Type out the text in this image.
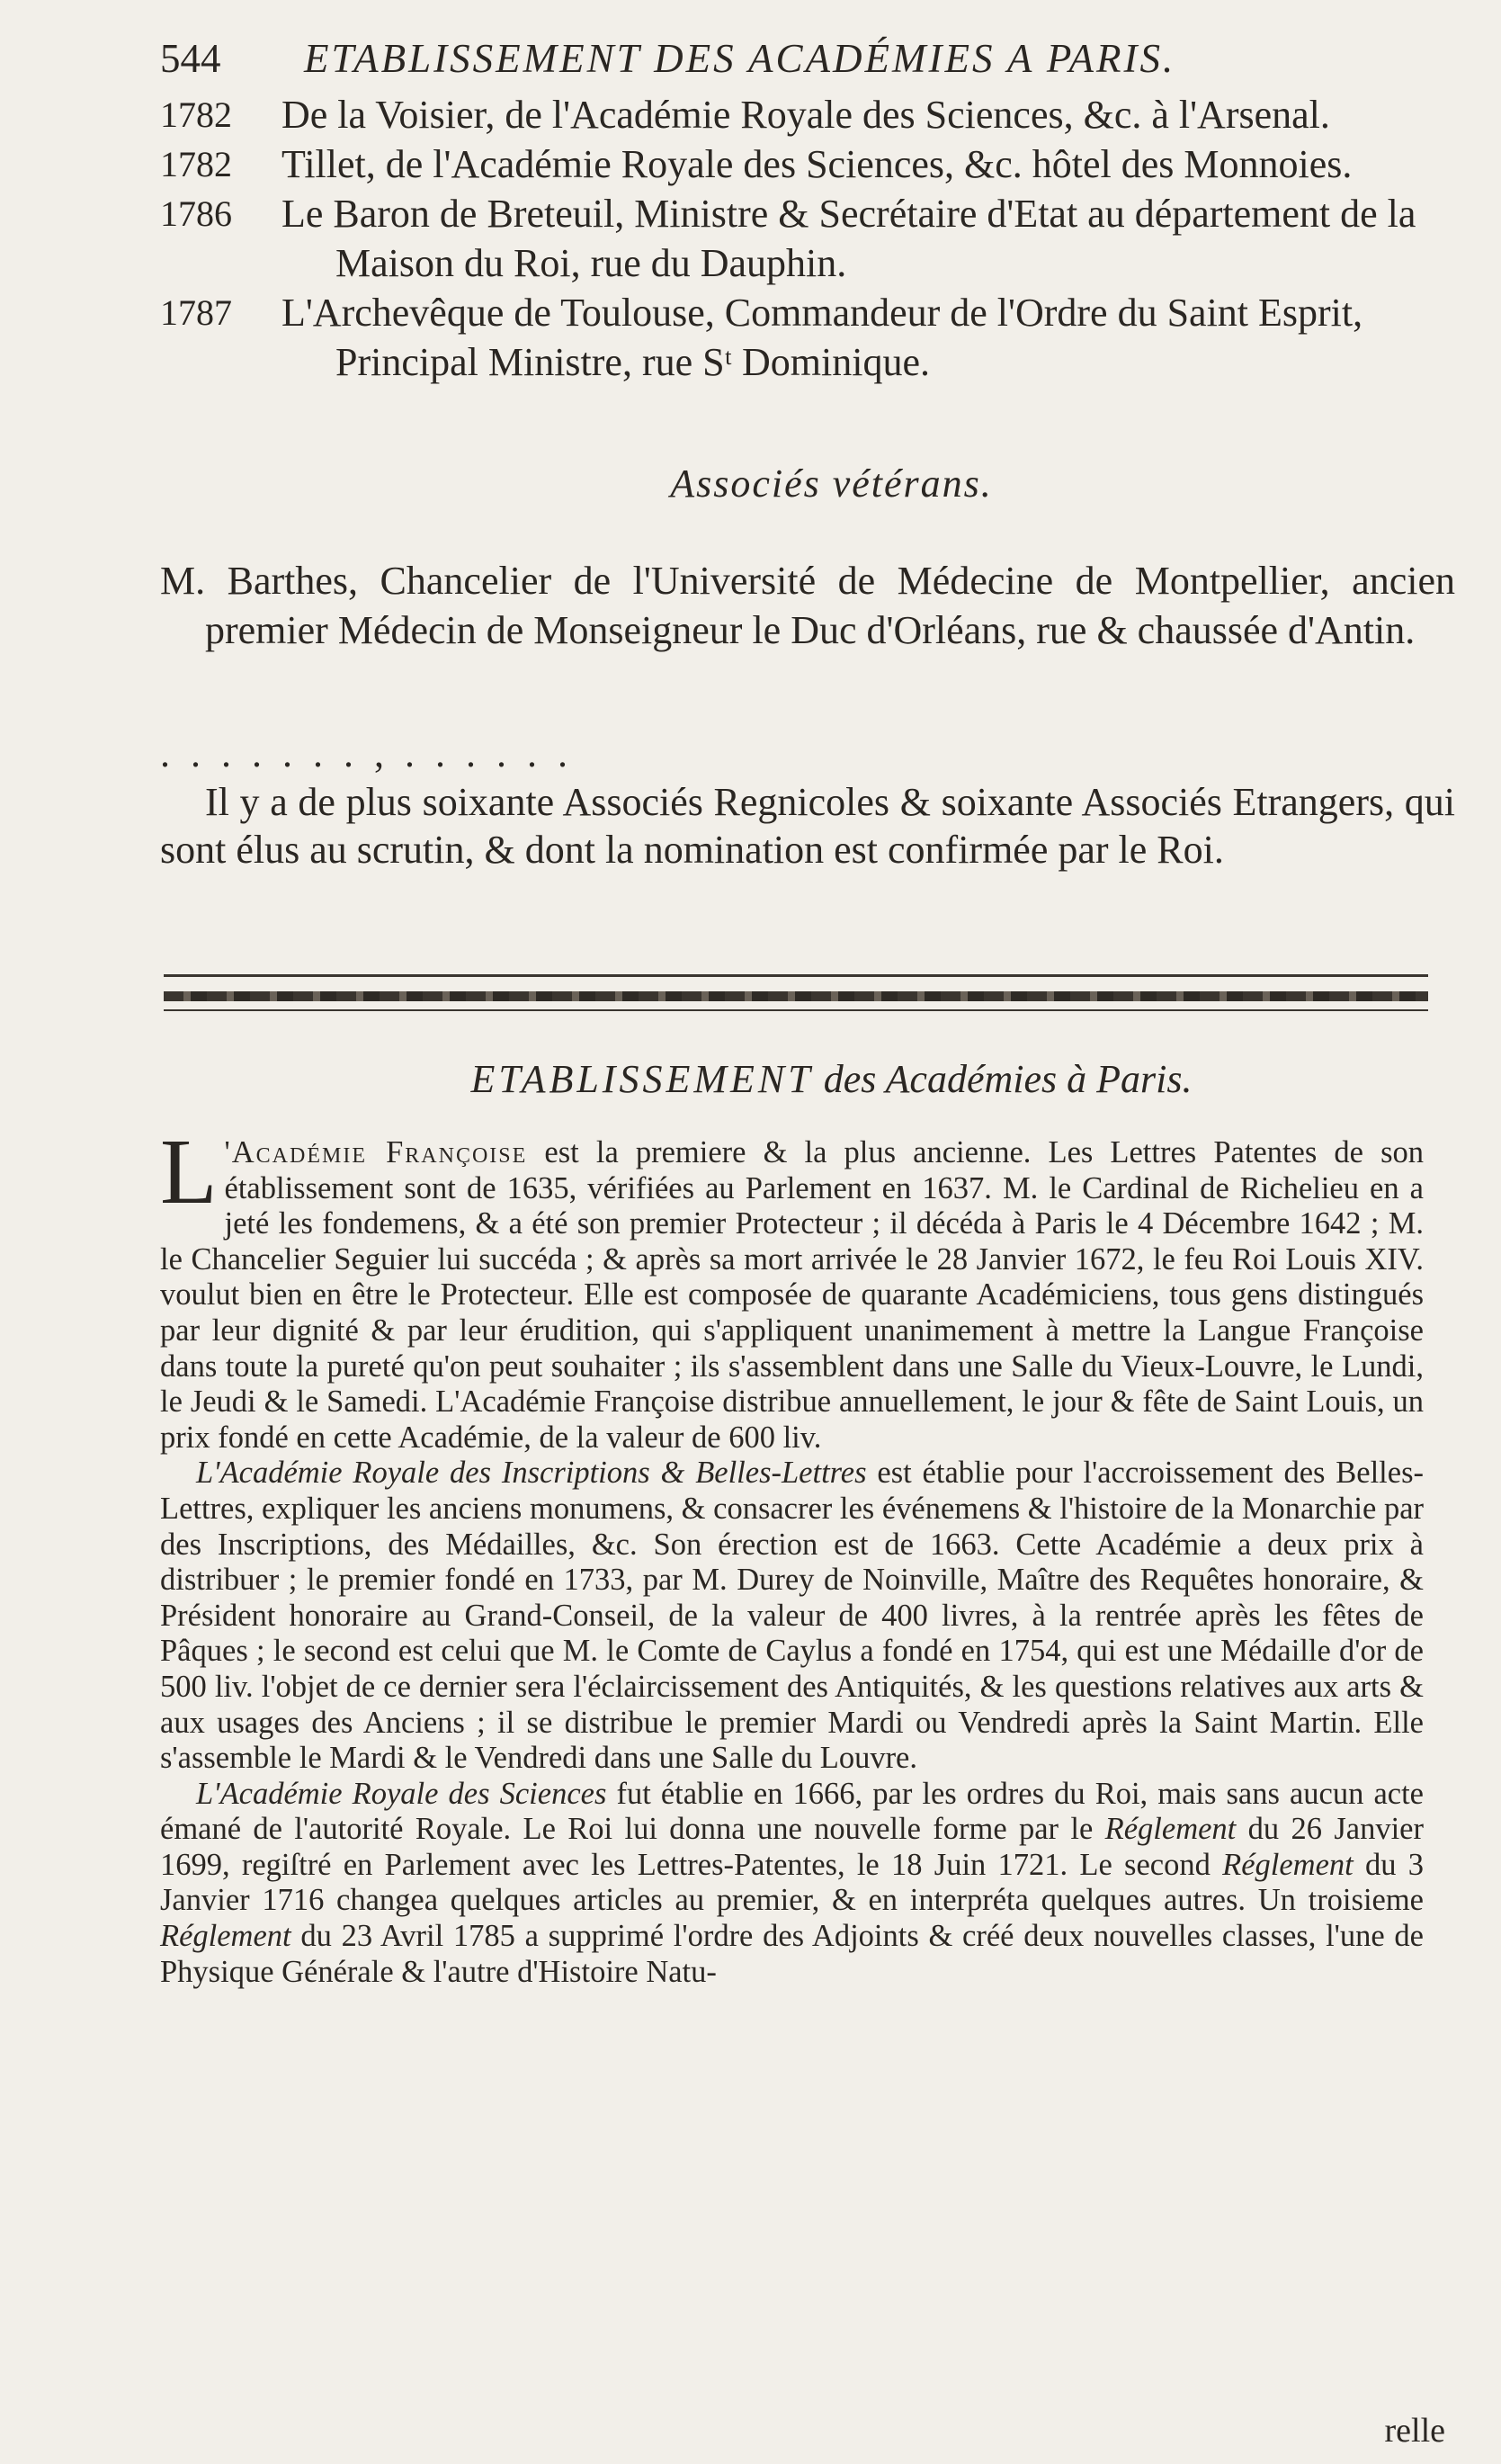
544 ETABLISSEMENT DES ACADÉMIES A PARIS.
1782	De la Voisier, de l'Académie Royale des Sciences, &c. à l'Arsenal.
1782	Tillet, de l'Académie Royale des Sciences, &c. hôtel des Monnoies.
1786	Le Baron de Breteuil, Ministre & Secrétaire d'Etat au département de la Maison du Roi, rue du Dauphin.
1787	L'Archevêque de Toulouse, Commandeur de l'Ordre du Saint Esprit, Principal Ministre, rue Sᵗ Dominique.
Associés vétérans.
M. Barthes, Chancelier de l'Université de Médecine de Montpellier, ancien premier Médecin de Monseigneur le Duc d'Orléans, rue & chaussée d'Antin.
. . . . . . . , . . . . . .
Il y a de plus soixante Associés Regnicoles & soixante Associés Etrangers, qui sont élus au scrutin, & dont la nomination est confirmée par le Roi.
ETABLISSEMENT des Académies à Paris.

L 'Académie Françoise est la premiere & la plus ancienne. Les Lettres Patentes de son établissement sont de 1635, vérifiées au Parlement en 1637. M. le Cardinal de Richelieu en a jeté les fondemens, & a été son premier Protecteur ; il décéda à Paris le 4 Décembre 1642 ; M. le Chancelier Seguier lui succéda ; & après sa mort arrivée le 28 Janvier 1672, le feu Roi Louis XIV. voulut bien en être le Protecteur. Elle est composée de quarante Académiciens, tous gens distingués par leur dignité & par leur érudition, qui s'appliquent unanimement à mettre la Langue Françoise dans toute la pureté qu'on peut souhaiter ; ils s'assemblent dans une Salle du Vieux-Louvre, le Lundi, le Jeudi & le Samedi. L'Académie Françoise distribue annuellement, le jour & fête de Saint Louis, un prix fondé en cette Académie, de la valeur de 600 liv.

L'Académie Royale des Inscriptions & Belles-Lettres est établie pour l'accroissement des Belles-Lettres, expliquer les anciens monumens, & consacrer les événemens & l'histoire de la Monarchie par des Inscriptions, des Médailles, &c. Son érection est de 1663. Cette Académie a deux prix à distribuer ; le premier fondé en 1733, par M. Durey de Noinville, Maître des Requêtes honoraire, & Président honoraire au Grand-Conseil, de la valeur de 400 livres, à la rentrée après les fêtes de Pâques ; le second est celui que M. le Comte de Caylus a fondé en 1754, qui est une Médaille d'or de 500 liv. l'objet de ce dernier sera l'éclaircissement des Antiquités, & les questions relatives aux arts & aux usages des Anciens ; il se distribue le premier Mardi ou Vendredi après la Saint Martin. Elle s'assemble le Mardi & le Vendredi dans une Salle du Louvre.

L'Académie Royale des Sciences fut établie en 1666, par les ordres du Roi, mais sans aucun acte émané de l'autorité Royale. Le Roi lui donna une nouvelle forme par le Réglement du 26 Janvier 1699, regiſtré en Parlement avec les Lettres-Patentes, le 18 Juin 1721. Le second Réglement du 3 Janvier 1716 changea quelques articles au premier, & en interpréta quelques autres. Un troisieme Réglement du 23 Avril 1785 a supprimé l'ordre des Adjoints & créé deux nouvelles classes, l'une de Physique Générale & l'autre d'Histoire Natu-

relle
